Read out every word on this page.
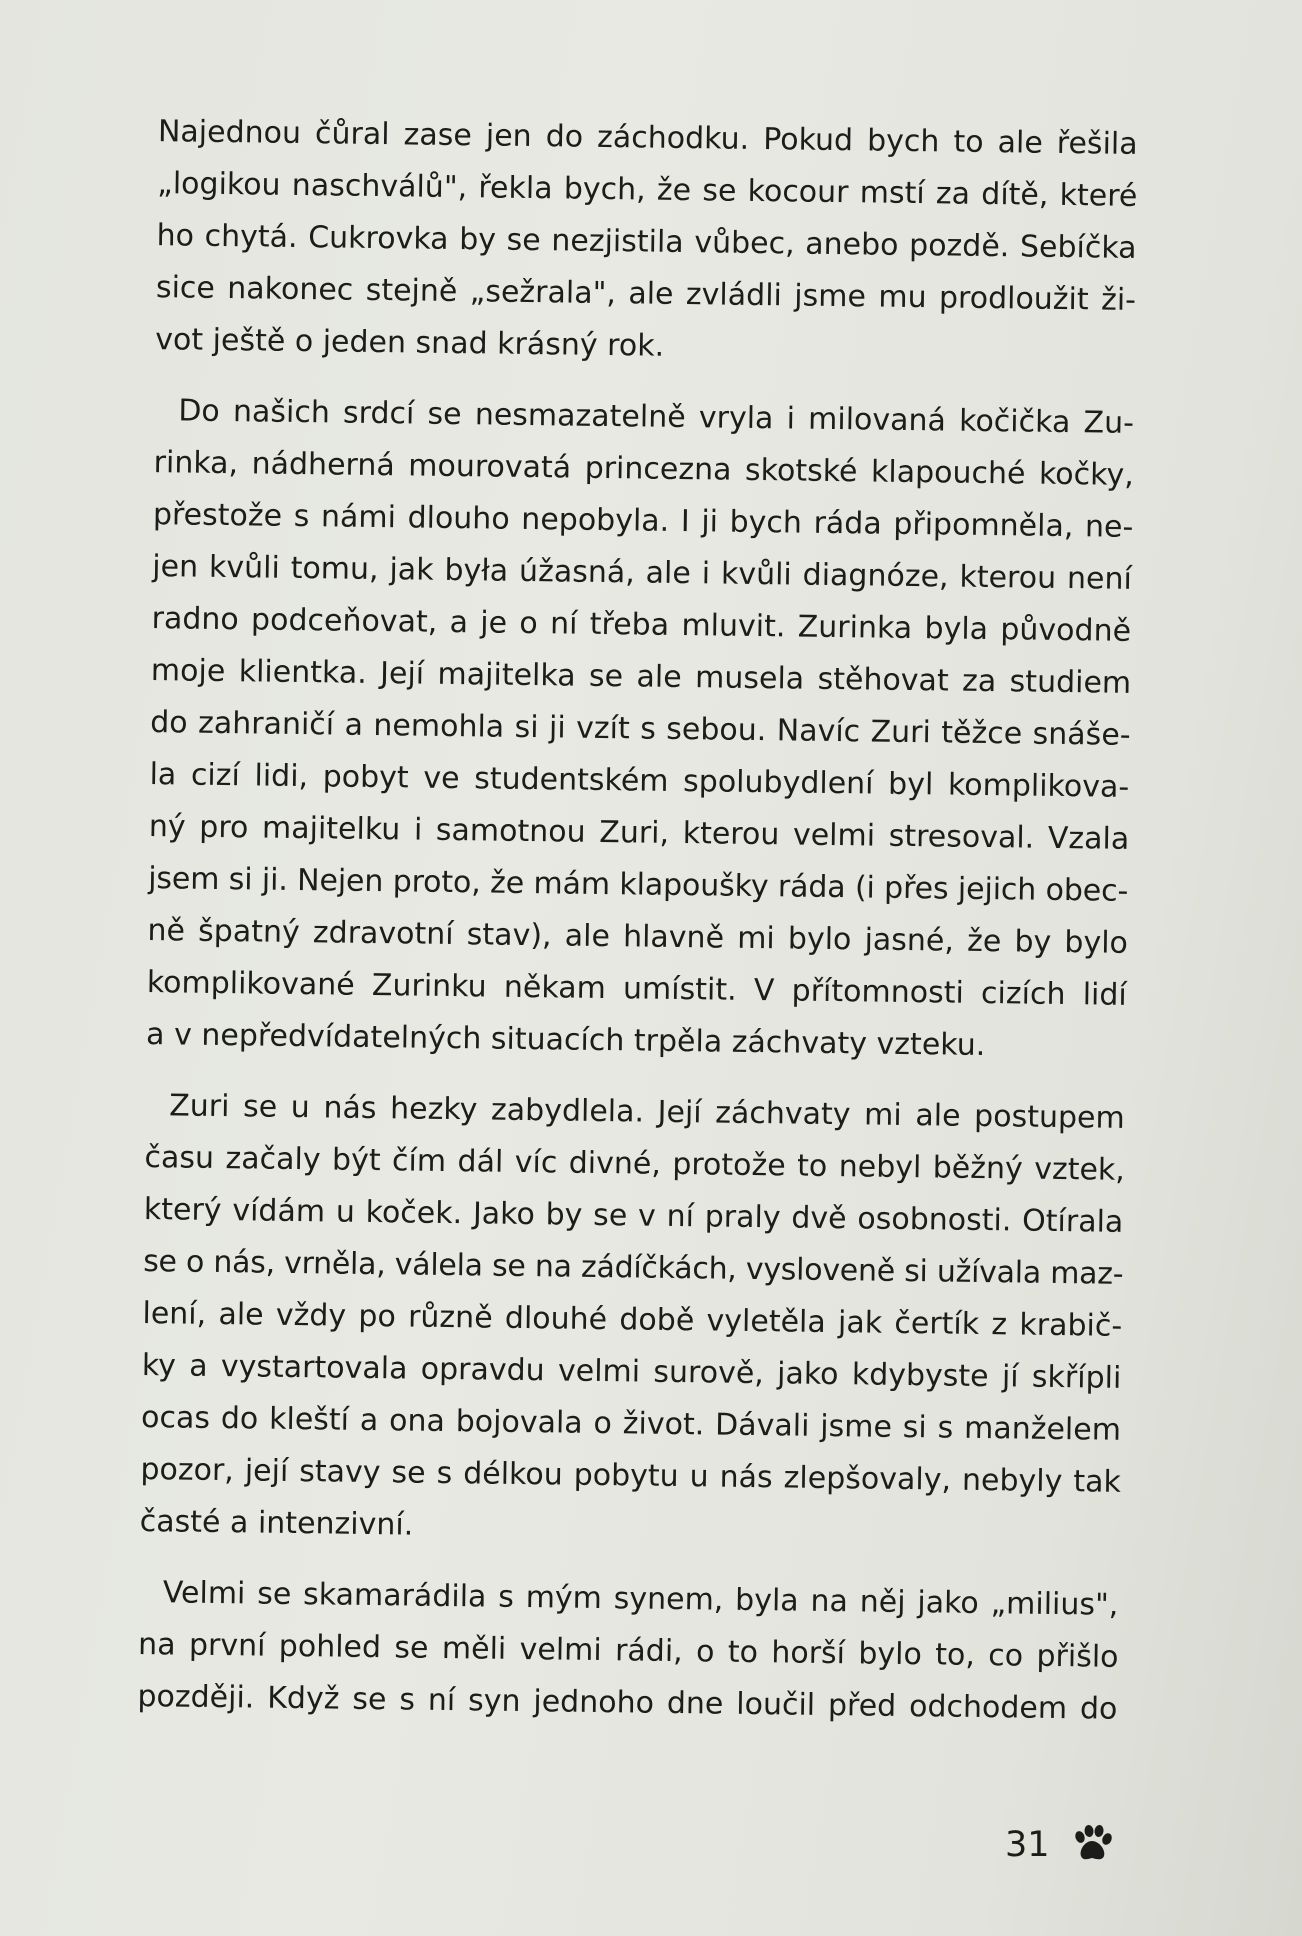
Najednou čůral zase jen do záchodku. Pokud bych to ale řešila
„logikou naschválů", řekla bych, že se kocour mstí za dítě, které
ho chytá. Cukrovka by se nezjistila vůbec, anebo pozdě. Sebíčka
sice nakonec stejně „sežrala", ale zvládli jsme mu prodloužit ži-
vot ještě o jeden snad krásný rok.
Do našich srdcí se nesmazatelně vryla i milovaná kočička Zu-
rinka, nádherná mourovatá princezna skotské klapouché kočky,
přestože s námi dlouho nepobyla. I ji bych ráda připomněla, ne-
jen kvůli tomu, jak była úžasná, ale i kvůli diagnóze, kterou není
radno podceňovat, a je o ní třeba mluvit. Zurinka byla původně
moje klientka. Její majitelka se ale musela stěhovat za studiem
do zahraničí a nemohla si ji vzít s sebou. Navíc Zuri těžce snáše-
la cizí lidi, pobyt ve studentském spolubydlení byl komplikova-
ný pro majitelku i samotnou Zuri, kterou velmi stresoval. Vzala
jsem si ji. Nejen proto, že mám klapoušky ráda (i přes jejich obec-
ně špatný zdravotní stav), ale hlavně mi bylo jasné, že by bylo
komplikované Zurinku někam umístit. V přítomnosti cizích lidí
a v nepředvídatelných situacích trpěla záchvaty vzteku.
Zuri se u nás hezky zabydlela. Její záchvaty mi ale postupem
času začaly být čím dál víc divné, protože to nebyl běžný vztek,
který vídám u koček. Jako by se v ní praly dvě osobnosti. Otírala
se o nás, vrněla, válela se na zádíčkách, vysloveně si užívala maz-
lení, ale vždy po různě dlouhé době vyletěla jak čertík z krabič-
ky a vystartovala opravdu velmi surově, jako kdybyste jí skřípli
ocas do kleští a ona bojovala o život. Dávali jsme si s manželem
pozor, její stavy se s délkou pobytu u nás zlepšovaly, nebyly tak
časté a intenzivní.
Velmi se skamarádila s mým synem, byla na něj jako „milius",
na první pohled se měli velmi rádi, o to horší bylo to, co přišlo
později. Když se s ní syn jednoho dne loučil před odchodem do
31
